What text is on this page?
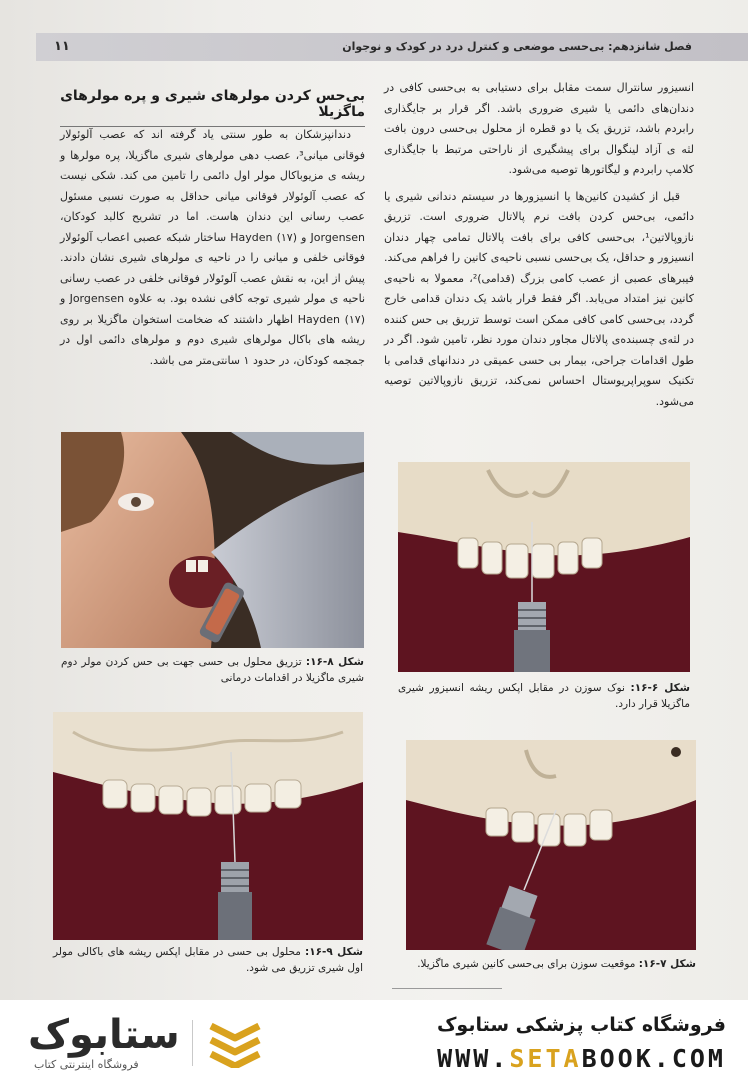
فصل شانزدهم: بی‌حسی موضعی و کنترل درد در کودک و نوجوان
۱۱

انسیزور سانترال سمت مقابل برای دستیابی به بی‌حسی کافی در دندان‌های دائمی یا شیری ضروری باشد. اگر قرار بر جایگذاری رابردم باشد، تزریق یک یا دو قطره از محلول بی‌حسی درون بافت لثه ی آزاد لینگوال برای پیشگیری از ناراحتی مرتبط با جایگذاری کلامپ رابردم و لیگاتورها توصیه می‌شود.

قبل از کشیدن کانین‌ها یا انسیزورها در سیستم دندانی شیری یا دائمی، بی‌حس کردن بافت نرم پالاتال ضروری است. تزریق نازوپالاتین¹، بی‌حسی کافی برای بافت پالاتال تمامی چهار دندان انسیزور و حداقل، یک بی‌حسی نسبی ناحیه‌ی کانین را فراهم می‌کند. فیبرهای عصبی از عصب کامی بزرگ (قدامی)²، معمولا به ناحیه‌ی کانین نیز امتداد می‌یابد. اگر فقط قرار باشد یک دندان قدامی خارج گردد، بی‌حسی کامی کافی ممکن است توسط تزریق بی حس کننده در لثه‌ی چسبنده‌ی پالاتال مجاور دندان مورد نظر، تامین شود. اگر در طول اقدامات جراحی، بیمار بی حسی عمیقی در دندانهای قدامی با تکنیک سوپراپریوستال احساس نمی‌کند، تزریق نازوپالاتین توصیه می‌شود.

بی‌حس کردن مولرهای شیری و پره مولرهای ماگزیلا

دندانپزشکان به طور سنتی یاد گرفته اند که عصب آلوئولار فوقانی میانی³، عصب دهی مولرهای شیری ماگزیلا، پره مولرها و ریشه ی مزیوباکال مولر اول دائمی را تامین می کند. شکی نیست که عصب آلوئولار فوقانی میانی حداقل به صورت نسبی مسئول عصب رسانی این دندان هاست. اما در تشریح کالبد کودکان، Jorgensen و Hayden (۱۷) ساختار شبکه عصبی اعصاب آلوئولار فوقانی خلفی و میانی را در ناحیه ی مولرهای شیری نشان دادند. پیش از این، به نقش عصب آلوئولار فوقانی خلفی در عصب رسانی ناحیه ی مولر شیری توجه کافی نشده بود. به علاوه Jorgensen و Hayden (۱۷) اظهار داشتند که ضخامت استخوان ماگزیلا بر روی ریشه های باکال مولرهای شیری دوم و مولرهای دائمی اول در جمجمه کودکان، در حدود ۱ سانتی‌متر می باشد.

شکل ۸-۱۶: تزریق محلول بی حسی جهت بی حس کردن مولر دوم شیری ماگزیلا در اقدامات درمانی
شکل ۹-۱۶: محلول بی حسی در مقابل اپکس ریشه های باکالی مولر اول شیری تزریق می شود.
شکل ۶-۱۶: نوک سوزن در مقابل اپکس ریشه انسیزور شیری ماگزیلا قرار دارد.
شکل ۷-۱۶: موقعیت سوزن برای بی‌حسی کانین شیری ماگزیلا.
ستابوک
فروشگاه اینترنتی کتاب
فروشگاه کتاب پزشکی ستابوک
WWW.SETABOOK.COM
